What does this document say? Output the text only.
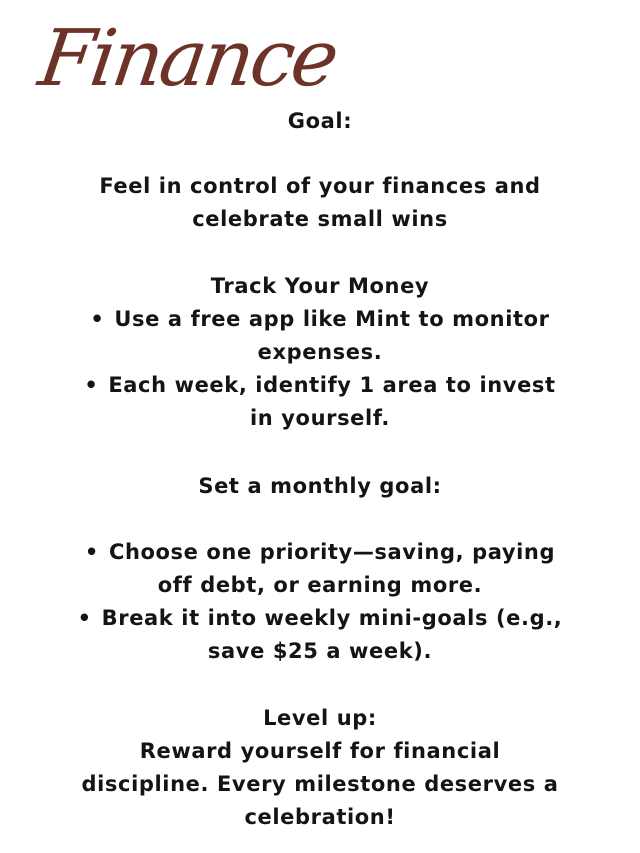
Finance
Goal:
Feel in control of your finances and
celebrate small wins
Track Your Money
• Use a free app like Mint to monitor
expenses.
• Each week, identify 1 area to invest
in yourself.
Set a monthly goal:
• Choose one priority—saving, paying
off debt, or earning more.
• Break it into weekly mini-goals (e.g.,
save $25 a week).
Level up:
Reward yourself for financial
discipline. Every milestone deserves a
celebration!
